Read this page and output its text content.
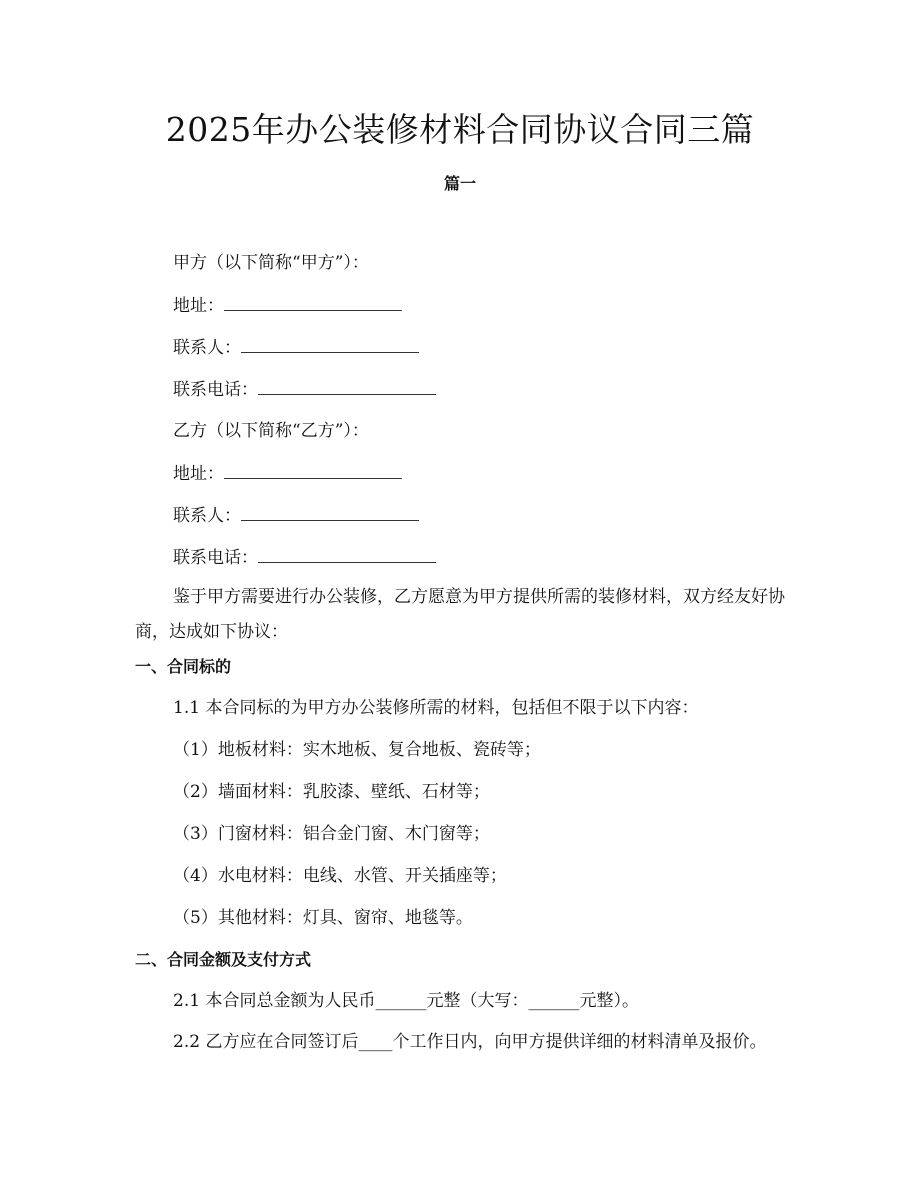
2025年办公装修材料合同协议合同三篇
篇一

甲方（以下简称“甲方”）：

地址：

联系人：

联系电话：

乙方（以下简称“乙方”）：

地址：

联系人：

联系电话：

鉴于甲方需要进行办公装修，乙方愿意为甲方提供所需的装修材料，双方经友好协商，达成如下协议：

一、合同标的

1.1 本合同标的为甲方办公装修所需的材料，包括但不限于以下内容：

（1）地板材料：实木地板、复合地板、瓷砖等；

（2）墙面材料：乳胶漆、壁纸、石材等；

（3）门窗材料：铝合金门窗、木门窗等；

（4）水电材料：电线、水管、开关插座等；

（5）其他材料：灯具、窗帘、地毯等。

二、合同金额及支付方式

2.1 本合同总金额为人民币______元整（大写：______元整）。

2.2 乙方应在合同签订后____个工作日内，向甲方提供详细的材料清单及报价。
